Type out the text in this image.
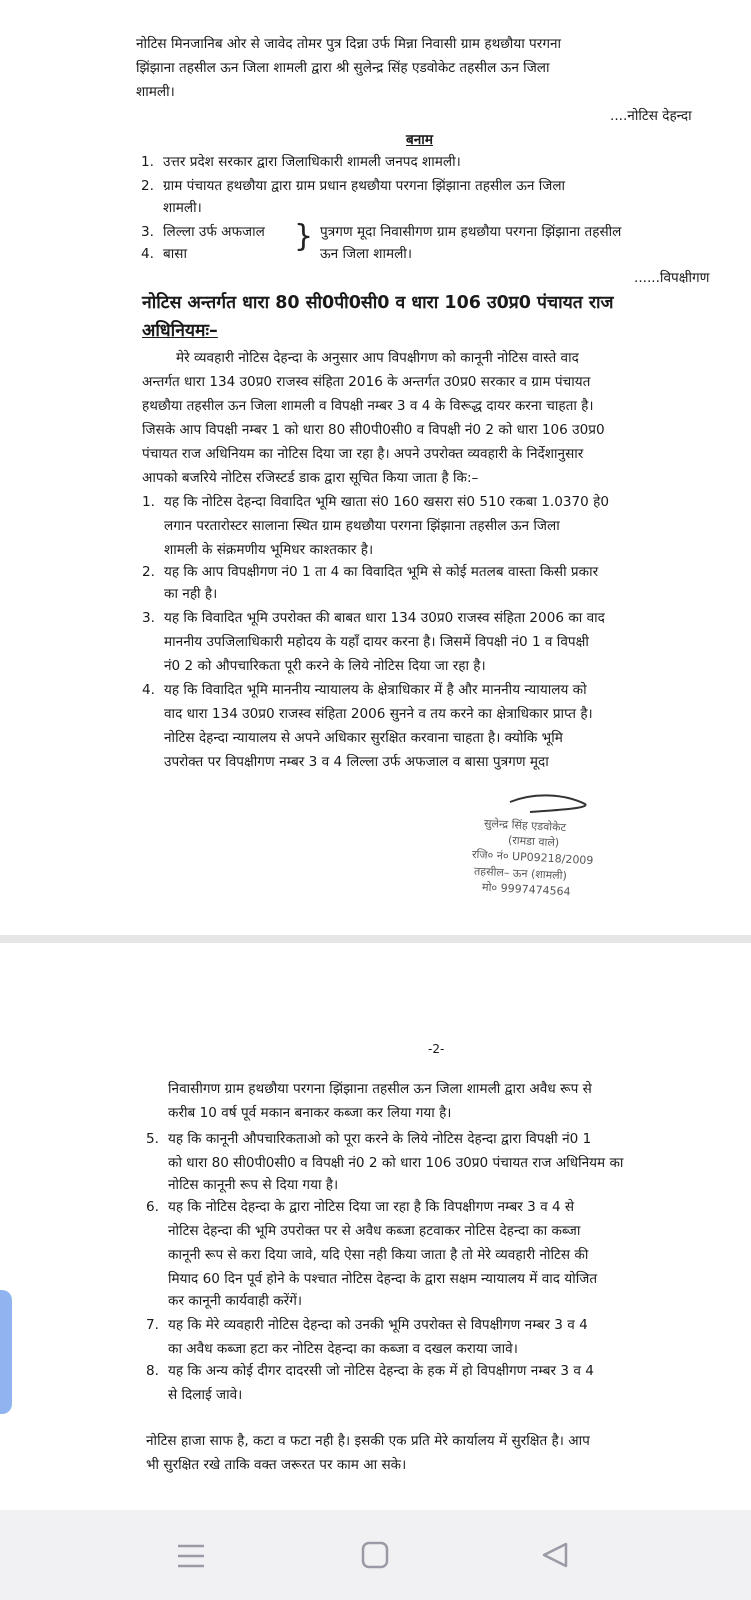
नोटिस मिनजानिब ओर से जावेद तोमर पुत्र दिन्ना उर्फ मिन्ना निवासी ग्राम हथछौया परगना
झिंझाना तहसील ऊन जिला शामली द्वारा श्री सुलेन्द्र सिंह एडवोकेट तहसील ऊन जिला
शामली।
....नोटिस देहन्दा
बनाम
1. उत्तर प्रदेश सरकार द्वारा जिलाधिकारी शामली जनपद शामली।
2. ग्राम पंचायत हथछौया द्वारा ग्राम प्रधान हथछौया परगना झिंझाना तहसील ऊन जिला
शामली।
3. लिल्ला उर्फ अफजाल
4. बासा	} पुत्रगण मूदा निवासीगण ग्राम हथछौया परगना झिंझाना तहसील
ऊन जिला शामली।
......विपक्षीगण
नोटिस अन्तर्गत धारा 80 सी0पी0सी0 व धारा 106 उ0प्र0 पंचायत राज
अधिनियमः–
मेरे व्यवहारी नोटिस देहन्दा के अनुसार आप विपक्षीगण को कानूनी नोटिस वास्ते वाद
अन्तर्गत धारा 134 उ0प्र0 राजस्व संहिता 2016 के अन्तर्गत उ0प्र0 सरकार व ग्राम पंचायत
हथछौया तहसील ऊन जिला शामली व विपक्षी नम्बर 3 व 4 के विरूद्ध दायर करना चाहता है।
जिसके आप विपक्षी नम्बर 1 को धारा 80 सी0पी0सी0 व विपक्षी नं0 2 को धारा 106 उ0प्र0
पंचायत राज अधिनियम का नोटिस दिया जा रहा है। अपने उपरोक्त व्यवहारी के निर्देशानुसार
आपको बजरिये नोटिस रजिस्टर्ड डाक द्वारा सूचित किया जाता है कि:–
1. यह कि नोटिस देहन्दा विवादित भूमि खाता सं0 160 खसरा सं0 510 रकबा 1.0370 हे0
लगान परतारोस्टर सालाना स्थित ग्राम हथछौया परगना झिंझाना तहसील ऊन जिला
शामली के संक्रमणीय भूमिधर काश्तकार है।
2. यह कि आप विपक्षीगण नं0 1 ता 4 का विवादित भूमि से कोई मतलब वास्ता किसी प्रकार
का नही है।
3. यह कि विवादित भूमि उपरोक्त की बाबत धारा 134 उ0प्र0 राजस्व संहिता 2006 का वाद
माननीय उपजिलाधिकारी महोदय के यहाँ दायर करना है। जिसमें विपक्षी नं0 1 व विपक्षी
नं0 2 को औपचारिकता पूरी करने के लिये नोटिस दिया जा रहा है।
4. यह कि विवादित भूमि माननीय न्यायालय के क्षेत्राधिकार में है और माननीय न्यायालय को
वाद धारा 134 उ0प्र0 राजस्व संहिता 2006 सुनने व तय करने का क्षेत्राधिकार प्राप्त है।
नोटिस देहन्दा न्यायालय से अपने अधिकार सुरक्षित करवाना चाहता है। क्योकि भूमि
उपरोक्त पर विपक्षीगण नम्बर 3 व 4 लिल्ला उर्फ अफजाल व बासा पुत्रगण मूदा
सुलेन्द्र सिंह एडवोकेट
(रामडा वाले)
रजि० नं० UP09218/2009
तहसील– ऊन (शामली)
मो० 9997474564
-2-
निवासीगण ग्राम हथछौया परगना झिंझाना तहसील ऊन जिला शामली द्वारा अवैध रूप से
करीब 10 वर्ष पूर्व मकान बनाकर कब्जा कर लिया गया है।
5. यह कि कानूनी औपचारिकताओ को पूरा करने के लिये नोटिस देहन्दा द्वारा विपक्षी नं0 1
को धारा 80 सी0पी0सी0 व विपक्षी नं0 2 को धारा 106 उ0प्र0 पंचायत राज अधिनियम का
नोटिस कानूनी रूप से दिया गया है।
6. यह कि नोटिस देहन्दा के द्वारा नोटिस दिया जा रहा है कि विपक्षीगण नम्बर 3 व 4 से
नोटिस देहन्दा की भूमि उपरोक्त पर से अवैध कब्जा हटवाकर नोटिस देहन्दा का कब्जा
कानूनी रूप से करा दिया जावे, यदि ऐसा नही किया जाता है तो मेरे व्यवहारी नोटिस की
मियाद 60 दिन पूर्व होने के पश्चात नोटिस देहन्दा के द्वारा सक्षम न्यायालय में वाद योजित
कर कानूनी कार्यवाही करेंगें।
7. यह कि मेरे व्यवहारी नोटिस देहन्दा को उनकी भूमि उपरोक्त से विपक्षीगण नम्बर 3 व 4
का अवैध कब्जा हटा कर नोटिस देहन्दा का कब्जा व दखल कराया जावे।
8. यह कि अन्य कोई दीगर दादरसी जो नोटिस देहन्दा के हक में हो विपक्षीगण नम्बर 3 व 4
से दिलाई जावे।
नोटिस हाजा साफ है, कटा व फटा नही है। इसकी एक प्रति मेरे कार्यालय में सुरक्षित है। आप
भी सुरक्षित रखे ताकि वक्त जरूरत पर काम आ सके।
